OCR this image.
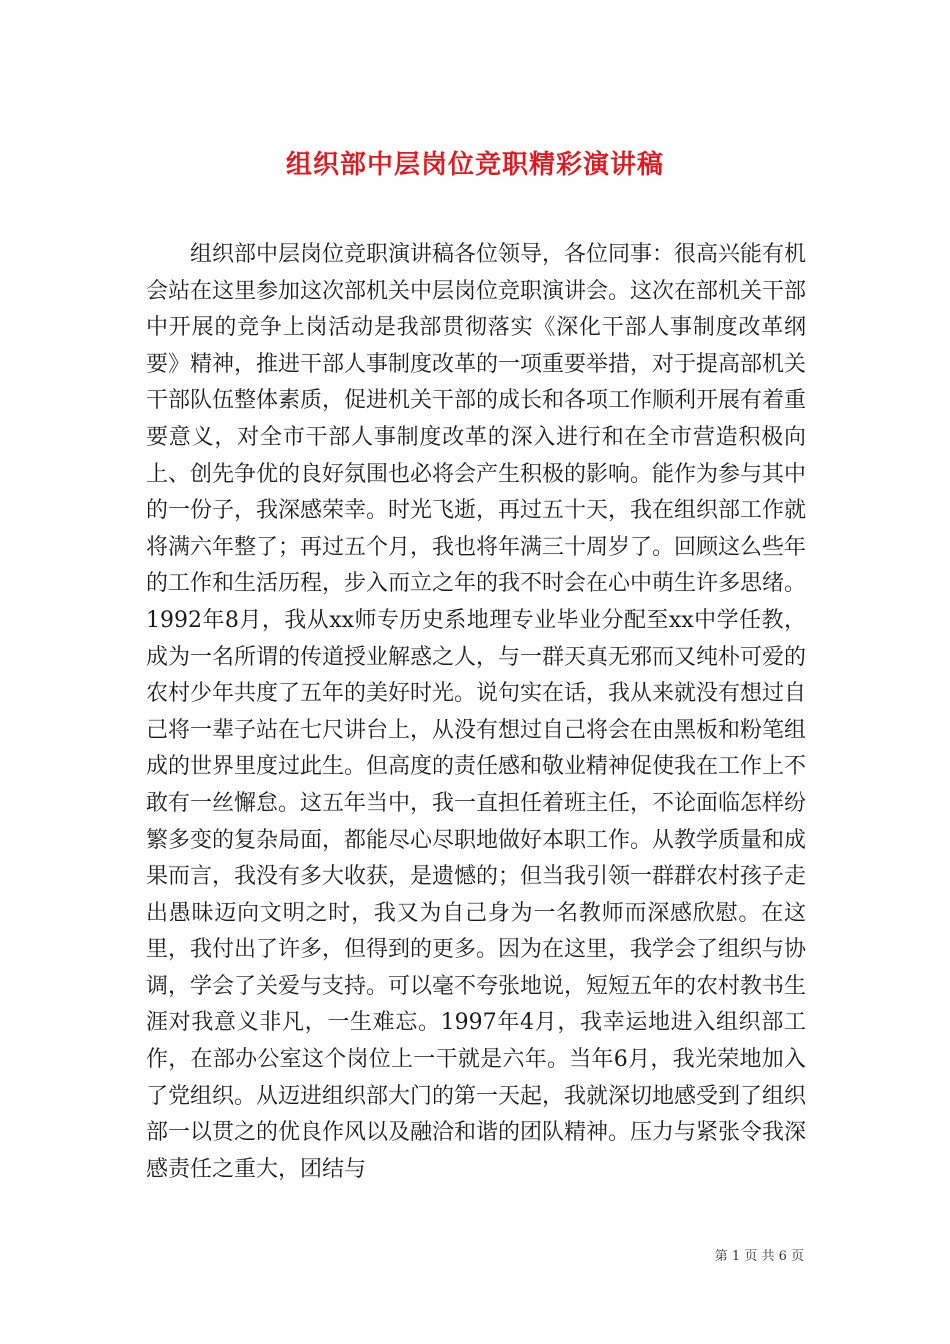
组织部中层岗位竞职精彩演讲稿

组织部中层岗位竞职演讲稿各位领导，各位同事：很高兴能有机会站在这里参加这次部机关中层岗位竞职演讲会。这次在部机关干部中开展的竞争上岗活动是我部贯彻落实《深化干部人事制度改革纲要》精神，推进干部人事制度改革的一项重要举措，对于提高部机关干部队伍整体素质，促进机关干部的成长和各项工作顺利开展有着重要意义，对全市干部人事制度改革的深入进行和在全市营造积极向上、创先争优的良好氛围也必将会产生积极的影响。能作为参与其中的一份子，我深感荣幸。时光飞逝，再过五十天，我在组织部工作就将满六年整了；再过五个月，我也将年满三十周岁了。回顾这么些年的工作和生活历程，步入而立之年的我不时会在心中萌生许多思绪。1992年8月，我从xx师专历史系地理专业毕业分配至xx中学任教，成为一名所谓的传道授业解惑之人，与一群天真无邪而又纯朴可爱的农村少年共度了五年的美好时光。说句实在话，我从来就没有想过自己将一辈子站在七尺讲台上，从没有想过自己将会在由黑板和粉笔组成的世界里度过此生。但高度的责任感和敬业精神促使我在工作上不敢有一丝懈怠。这五年当中，我一直担任着班主任，不论面临怎样纷繁多变的复杂局面，都能尽心尽职地做好本职工作。从教学质量和成果而言，我没有多大收获，是遗憾的；但当我引领一群群农村孩子走出愚昧迈向文明之时，我又为自己身为一名教师而深感欣慰。在这里，我付出了许多，但得到的更多。因为在这里，我学会了组织与协调，学会了关爱与支持。可以毫不夸张地说，短短五年的农村教书生涯对我意义非凡，一生难忘。1997年4月，我幸运地进入组织部工作，在部办公室这个岗位上一干就是六年。当年6月，我光荣地加入了党组织。从迈进组织部大门的第一天起，我就深切地感受到了组织部一以贯之的优良作风以及融洽和谐的团队精神。压力与紧张令我深感责任之重大，团结与

第 1 页 共 6 页
